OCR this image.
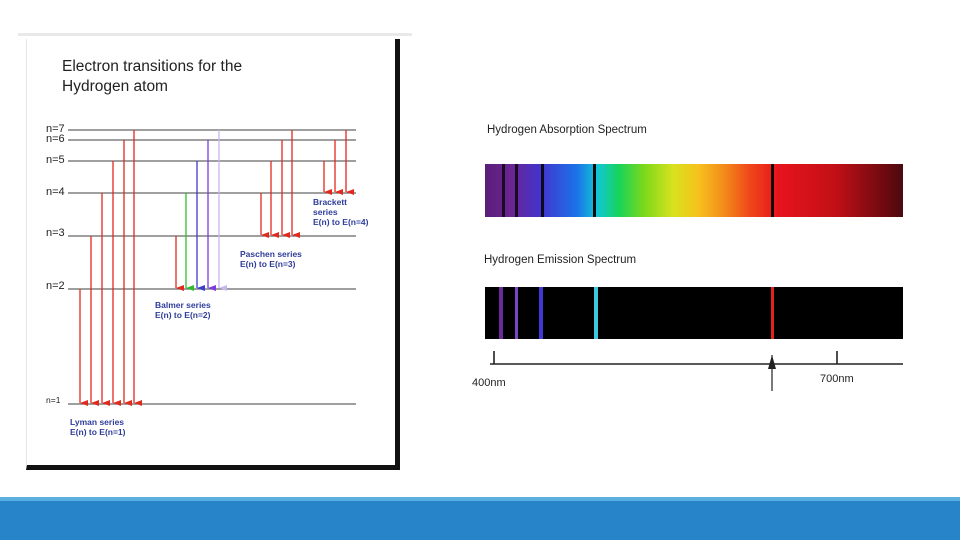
Electron transitions for the
Hydrogen atom
n=7
n=6
n=5
n=4
n=3
n=2
n=1
Lyman series
E(n) to E(n=1)
Balmer series
E(n) to E(n=2)
Paschen series
E(n) to E(n=3)
Brackett
series
E(n) to E(n=4)
Hydrogen Absorption Spectrum
Hydrogen Emission Spectrum
400nm	700nm
